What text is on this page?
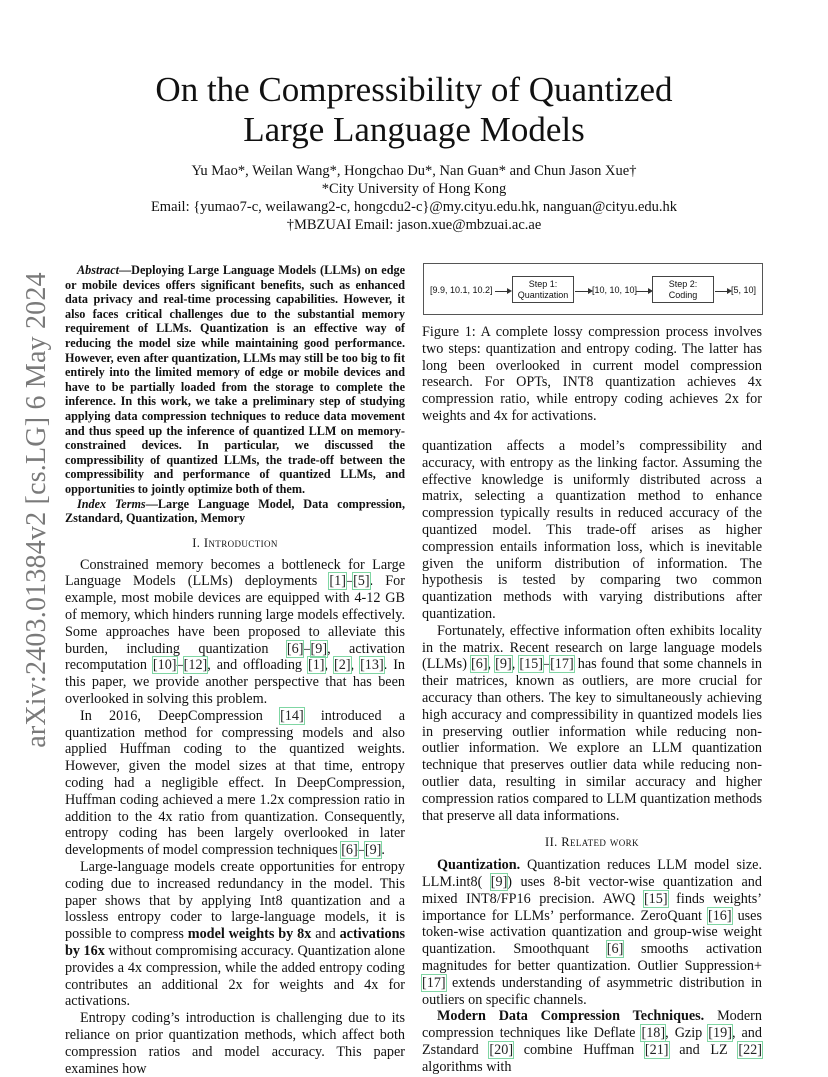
On the Compressibility of Quantized Large Language Models
Yu Mao*, Weilan Wang*, Hongchao Du*, Nan Guan* and Chun Jason Xue†
*City University of Hong Kong
Email: {yumao7-c, weilawang2-c, hongcdu2-c}@my.cityu.edu.hk, nanguan@cityu.edu.hk
†MBZUAI Email: jason.xue@mbzuai.ac.ae
arXiv:2403.01384v2 [cs.LG] 6 May 2024

Abstract—Deploying Large Language Models (LLMs) on edge or mobile devices offers significant benefits, such as enhanced data privacy and real-time processing capabilities. However, it also faces critical challenges due to the substantial memory requirement of LLMs. Quantization is an effective way of reducing the model size while maintaining good performance. However, even after quantization, LLMs may still be too big to fit entirely into the limited memory of edge or mobile devices and have to be partially loaded from the storage to complete the inference. In this work, we take a preliminary step of studying applying data compression techniques to reduce data movement and thus speed up the inference of quantized LLM on memory-constrained devices. In particular, we discussed the compressibility of quantized LLMs, the trade-off between the compressibility and performance of quantized LLMs, and opportunities to jointly optimize both of them.

Index Terms—Large Language Model, Data compression, Zstandard, Quantization, Memory

I. Introduction

Constrained memory becomes a bottleneck for Large Language Models (LLMs) deployments [1]–[5]. For example, most mobile devices are equipped with 4-12 GB of memory, which hinders running large models effectively. Some approaches have been proposed to alleviate this burden, including quantization [6]–[9], activation recomputation [10]–[12], and offloading [1], [2], [13]. In this paper, we provide another perspective that has been overlooked in solving this problem.

In 2016, DeepCompression [14] introduced a quantization method for compressing models and also applied Huffman coding to the quantized weights. However, given the model sizes at that time, entropy coding had a negligible effect. In DeepCompression, Huffman coding achieved a mere 1.2x compression ratio in addition to the 4x ratio from quantization. Consequently, entropy coding has been largely overlooked in later developments of model compression techniques [6]–[9].

Large-language models create opportunities for entropy coding due to increased redundancy in the model. This paper shows that by applying Int8 quantization and a lossless entropy coder to large-language models, it is possible to compress model weights by 8x and activations by 16x without compromising accuracy. Quantization alone provides a 4x compression, while the added entropy coding contributes an additional 2x for weights and 4x for activations.

Entropy coding’s introduction is challenging due to its reliance on prior quantization methods, which affect both compression ratios and model accuracy. This paper examines how

[9.9, 10.1, 10.2]
Step 1:
Quantization	[10, 10, 10]
Step 2:
Coding	[5, 10]
Figure 1: A complete lossy compression process involves two steps: quantization and entropy coding. The latter has long been overlooked in current model compression research. For OPTs, INT8 quantization achieves 4x compression ratio, while entropy coding achieves 2x for weights and 4x for activations.

quantization affects a model’s compressibility and accuracy, with entropy as the linking factor. Assuming the effective knowledge is uniformly distributed across a matrix, selecting a quantization method to enhance compression typically results in reduced accuracy of the quantized model. This trade-off arises as higher compression entails information loss, which is inevitable given the uniform distribution of information. The hypothesis is tested by comparing two common quantization methods with varying distributions after quantization.

Fortunately, effective information often exhibits locality in the matrix. Recent research on large language models (LLMs) [6], [9], [15]–[17] has found that some channels in their matrices, known as outliers, are more crucial for accuracy than others. The key to simultaneously achieving high accuracy and compressibility in quantized models lies in preserving outlier information while reducing non-outlier information. We explore an LLM quantization technique that preserves outlier data while reducing non-outlier data, resulting in similar accuracy and higher compression ratios compared to LLM quantization methods that preserve all data informations.

II. Related work

Quantization. Quantization reduces LLM model size. LLM.int8( [9]) uses 8-bit vector-wise quantization and mixed INT8/FP16 precision. AWQ [15] finds weights’ importance for LLMs’ performance. ZeroQuant [16] uses token-wise activation quantization and group-wise weight quantization. Smoothquant [6] smooths activation magnitudes for better quantization. Outlier Suppression+ [17] extends understanding of asymmetric distribution in outliers on specific channels.

Modern Data Compression Techniques. Modern compression techniques like Deflate [18], Gzip [19], and Zstandard [20] combine Huffman [21] and LZ [22] algorithms with
